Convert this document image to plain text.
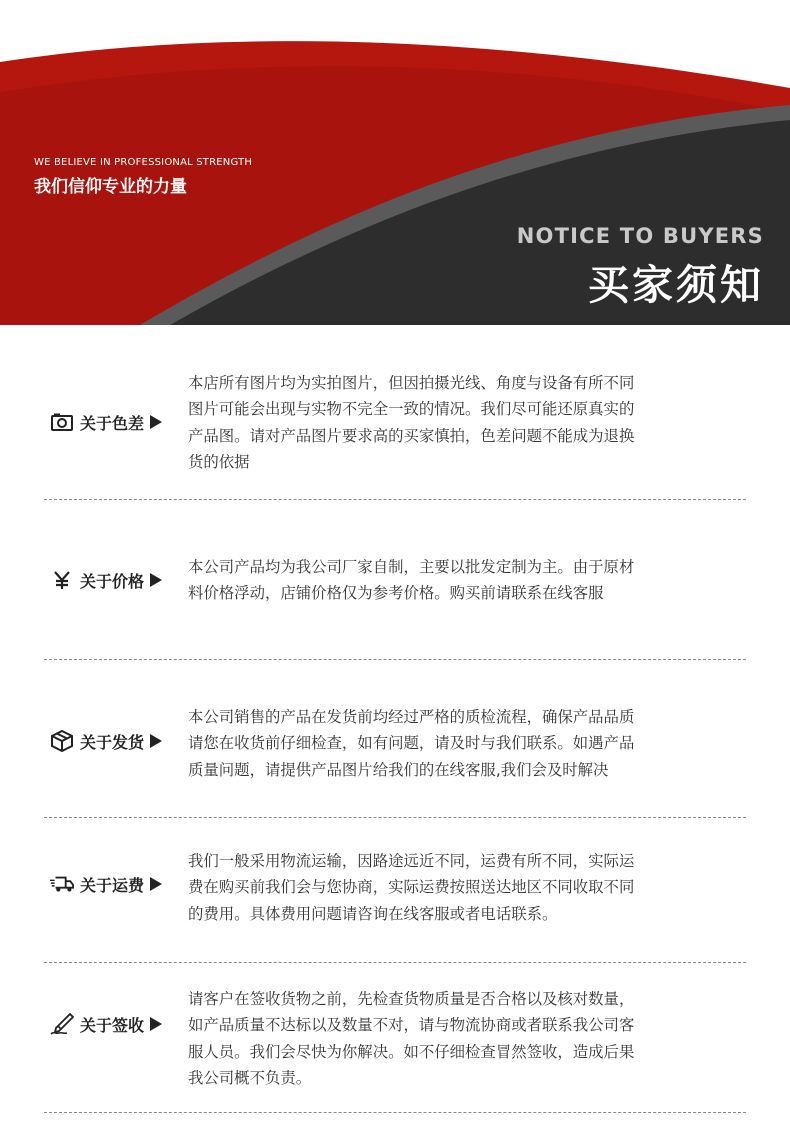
WE BELIEVE IN PROFESSIONAL STRENGTH
我们信仰专业的力量
NOTICE TO BUYERS
买家须知
关于色差
本店所有图片均为实拍图片，但因拍摄光线、角度与设备有所不同
图片可能会出现与实物不完全一致的情况。我们尽可能还原真实的
产品图。请对产品图片要求高的买家慎拍，色差问题不能成为退换
货的依据
关于价格
本公司产品均为我公司厂家自制，主要以批发定制为主。由于原材
料价格浮动，店铺价格仅为参考价格。购买前请联系在线客服
关于发货
本公司销售的产品在发货前均经过严格的质检流程，确保产品品质
请您在收货前仔细检查，如有问题，请及时与我们联系。如遇产品
质量问题，请提供产品图片给我们的在线客服,我们会及时解决
关于运费
我们一般采用物流运输，因路途远近不同，运费有所不同，实际运
费在购买前我们会与您协商，实际运费按照送达地区不同收取不同
的费用。具体费用问题请咨询在线客服或者电话联系。
关于签收
请客户在签收货物之前，先检查货物质量是否合格以及核对数量，
如产品质量不达标以及数量不对，请与物流协商或者联系我公司客
服人员。我们会尽快为你解决。如不仔细检查冒然签收，造成后果
我公司概不负责。
